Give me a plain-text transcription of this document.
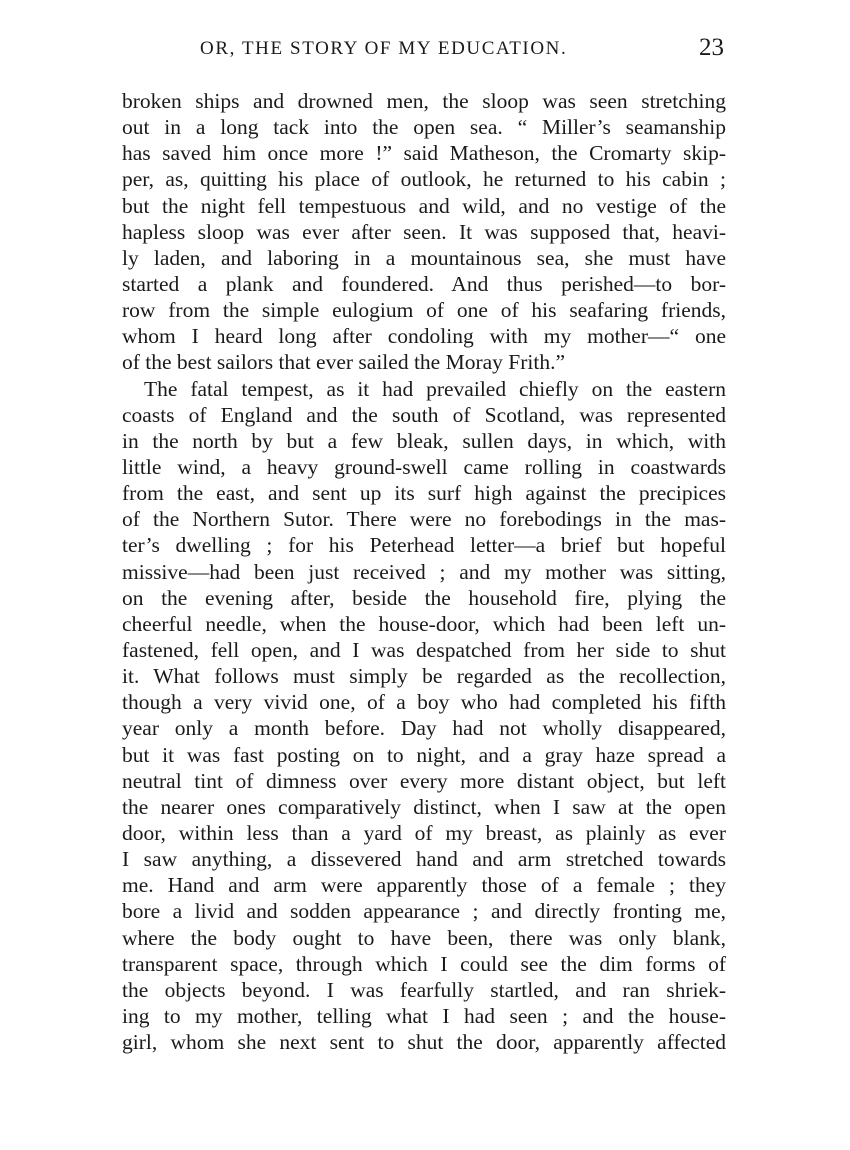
OR, THE STORY OF MY EDUCATION.	23
broken ships and drowned men, the sloop was seen stretching
out in a long tack into the open sea. “ Miller’s seamanship
has saved him once more !” said Matheson, the Cromarty skip-
per, as, quitting his place of outlook, he returned to his cabin ;
but the night fell tempestuous and wild, and no vestige of the
hapless sloop was ever after seen. It was supposed that, heavi-
ly laden, and laboring in a mountainous sea, she must have
started a plank and foundered. And thus perished—to bor-
row from the simple eulogium of one of his seafaring friends,
whom I heard long after condoling with my mother—“ one
of the best sailors that ever sailed the Moray Frith.”
The fatal tempest, as it had prevailed chiefly on the eastern
coasts of England and the south of Scotland, was represented
in the north by but a few bleak, sullen days, in which, with
little wind, a heavy ground-swell came rolling in coastwards
from the east, and sent up its surf high against the precipices
of the Northern Sutor. There were no forebodings in the mas-
ter’s dwelling ; for his Peterhead letter—a brief but hopeful
missive—had been just received ; and my mother was sitting,
on the evening after, beside the household fire, plying the
cheerful needle, when the house-door, which had been left un-
fastened, fell open, and I was despatched from her side to shut
it. What follows must simply be regarded as the recollection,
though a very vivid one, of a boy who had completed his fifth
year only a month before. Day had not wholly disappeared,
but it was fast posting on to night, and a gray haze spread a
neutral tint of dimness over every more distant object, but left
the nearer ones comparatively distinct, when I saw at the open
door, within less than a yard of my breast, as plainly as ever
I saw anything, a dissevered hand and arm stretched towards
me. Hand and arm were apparently those of a female ; they
bore a livid and sodden appearance ; and directly fronting me,
where the body ought to have been, there was only blank,
transparent space, through which I could see the dim forms of
the objects beyond. I was fearfully startled, and ran shriek-
ing to my mother, telling what I had seen ; and the house-
girl, whom she next sent to shut the door, apparently affected
